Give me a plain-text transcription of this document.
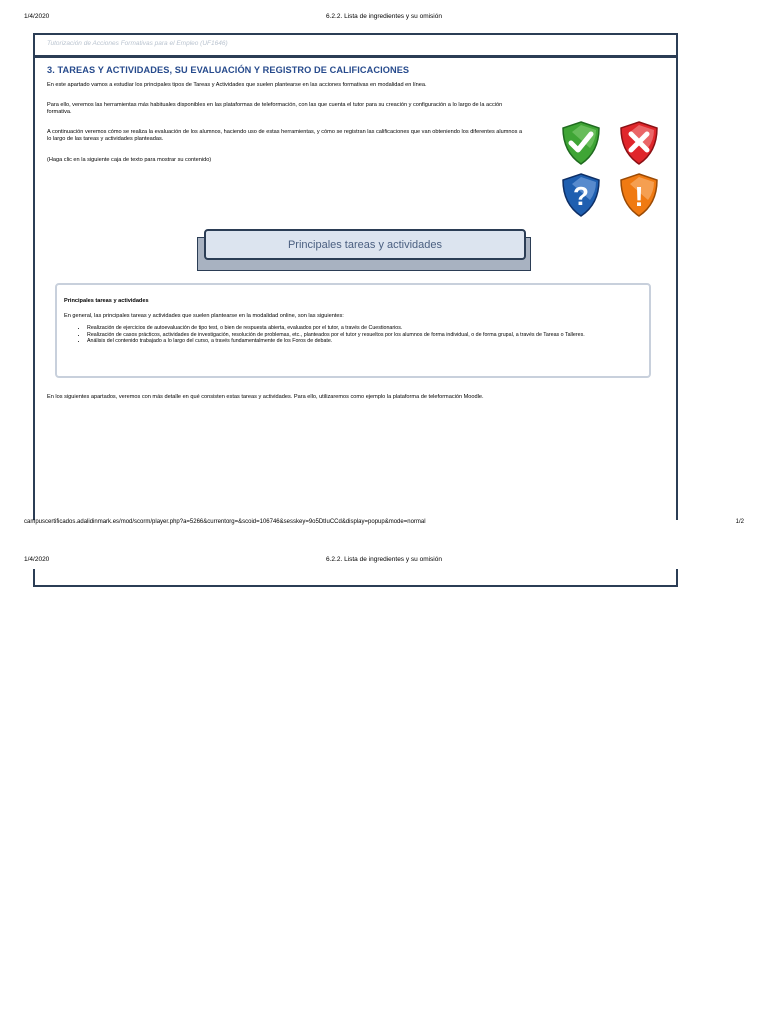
1/4/2020	6.2.2. Lista de ingredientes y su omisión
Tutorización de Acciones Formativas para el Empleo (UF1646)
3. TAREAS Y ACTIVIDADES, SU EVALUACIÓN Y REGISTRO DE CALIFICACIONES

En este apartado vamos a estudiar los principales tipos de Tareas y Actividades que suelen plantearse en las acciones formativas en modalidad en línea.

Para ello, veremos las herramientas más habituales disponibles en las plataformas de teleformación, con las que cuenta el tutor para su creación y configuración a lo largo de la acción formativa.

A continuación veremos cómo se realiza la evaluación de los alumnos, haciendo uso de estas herramientas, y cómo se registran las calificaciones que van obteniendo los diferentes alumnos a lo largo de las tareas y actividades planteadas.

(Haga clic en la siguiente caja de texto para mostrar su contenido)

? !
Principales tareas y actividades
Principales tareas y actividades
En general, las principales tareas y actividades que suelen plantearse en la modalidad online, son las siguientes:
• Realización de ejercicios de autoevaluación de tipo test, o bien de respuesta abierta, evaluados por el tutor, a través de Cuestionarios.
• Realización de casos prácticos, actividades de investigación, resolución de problemas, etc., planteados por el tutor y resueltos por los alumnos de forma individual, o de forma grupal, a través de Tareas o Talleres.
• Análisis del contenido trabajado a lo largo del curso, a través fundamentalmente de los Foros de debate.

En los siguientes apartados, veremos con más detalle en qué consisten estas tareas y actividades. Para ello, utilizaremos como ejemplo la plataforma de teleformación Moodle.

campuscertificados.adalidinmark.es/mod/scorm/player.php?a=5266&currentorg=&scoid=106746&sesskey=9o5DtIuCCd&display=popup&mode=normal	1/2
1/4/2020	6.2.2. Lista de ingredientes y su omisión
